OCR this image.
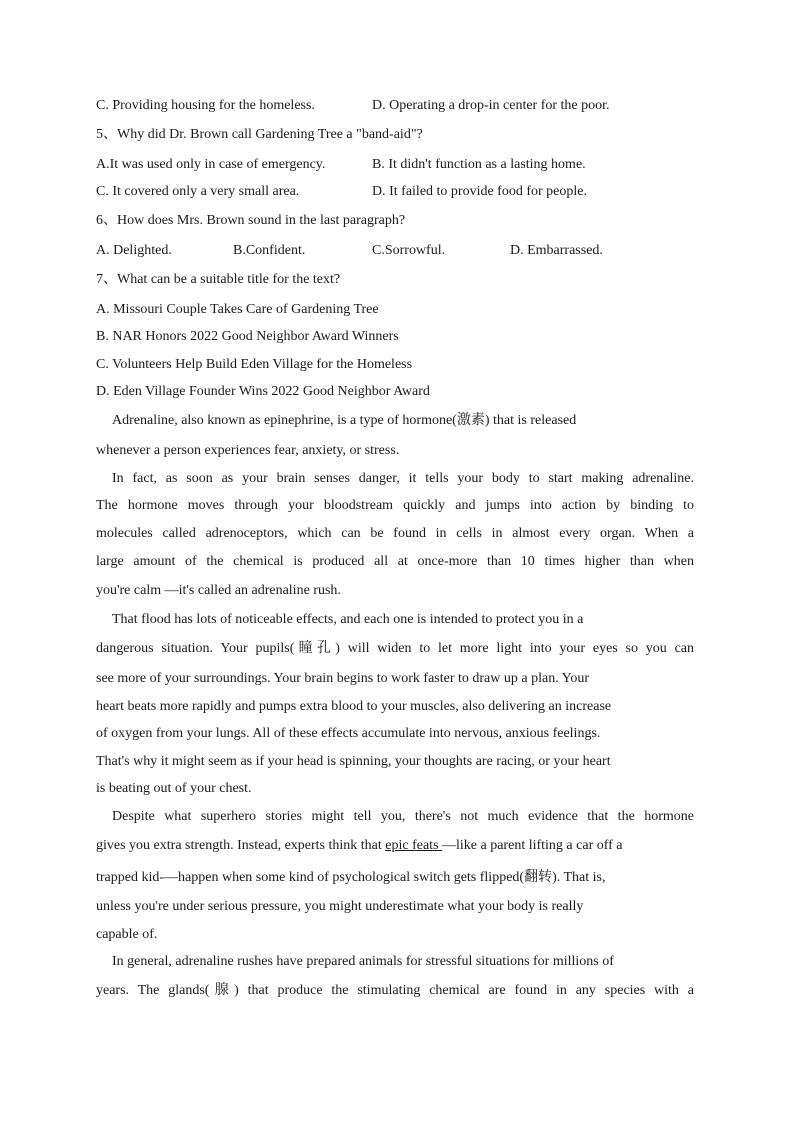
C. Providing housing for the homeless.	D. Operating a drop-in center for the poor.
5、Why did Dr. Brown call Gardening Tree a "band-aid"?
A.It was used only in case of emergency.	B. It didn't function as a lasting home.
C. It covered only a very small area.	D. It failed to provide food for people.
6、How does Mrs. Brown sound in the last paragraph?
A. Delighted.	B.Confident.	C.Sorrowful.	D. Embarrassed.
7、What can be a suitable title for the text?
A. Missouri Couple Takes Care of Gardening Tree
B. NAR Honors 2022 Good Neighbor Award Winners
C. Volunteers Help Build Eden Village for the Homeless
D. Eden Village Founder Wins 2022 Good Neighbor Award
Adrenaline, also known as epinephrine, is a type of hormone(激素) that is released
whenever a person experiences fear, anxiety, or stress.
In fact, as soon as your brain senses danger, it tells your body to start making adrenaline.
The hormone moves through your bloodstream quickly and jumps into action by binding to
molecules called adrenoceptors, which can be found in cells in almost every organ. When a
large amount of the chemical is produced all at once-more than 10 times higher than when
you're calm —it's called an adrenaline rush.
That flood has lots of noticeable effects, and each one is intended to protect you in a
dangerous situation. Your pupils(瞳孔) will widen to let more light into your eyes so you can
see more of your surroundings. Your brain begins to work faster to draw up a plan. Your
heart beats more rapidly and pumps extra blood to your muscles, also delivering an increase
of oxygen from your lungs. All of these effects accumulate into nervous, anxious feelings.
That's why it might seem as if your head is spinning, your thoughts are racing, or your heart
is beating out of your chest.
Despite what superhero stories might tell you, there's not much evidence that the hormone
gives you extra strength. Instead, experts think that epic feats —like a parent lifting a car off a
trapped kid-—happen when some kind of psychological switch gets flipped(翻转). That is,
unless you're under serious pressure, you might underestimate what your body is really
capable of.
In general, adrenaline rushes have prepared animals for stressful situations for millions of
years. The glands(腺) that produce the stimulating chemical are found in any species with a
